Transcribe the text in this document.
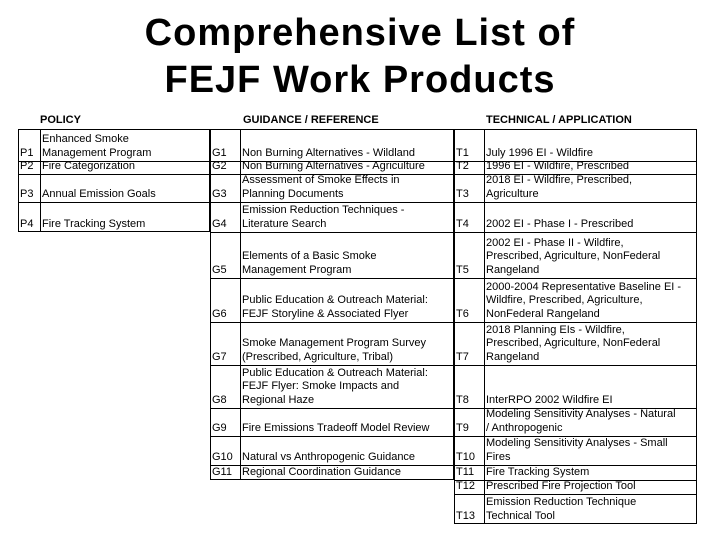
Comprehensive List of
FEJF Work Products
POLICY	GUIDANCE / REFERENCE	TECHNICAL / APPLICATION
P1
Enhanced Smoke
Management Program
P2 Fire Categorization
P3 Annual Emission Goals
P4 Fire Tracking System
G1	Non Burning Alternatives - Wildland
G2	Non Burning Alternatives - Agriculture
G3
Assessment of Smoke Effects in
Planning Documents
G4
Emission Reduction Techniques -
Literature Search
G5
Elements of a Basic Smoke
Management Program
G6
Public Education & Outreach Material:
FEJF Storyline & Associated Flyer
G7
Smoke Management Program Survey
(Prescribed, Agriculture, Tribal)
G8
Public Education & Outreach Material:
FEJF Flyer: Smoke Impacts and
Regional Haze
G9	Fire Emissions Tradeoff Model Review
G10 Natural vs Anthropogenic Guidance
G11 Regional Coordination Guidance
T1	July 1996 EI - Wildfire
T2	1996 EI - Wildfire, Prescribed
T3
2018 EI - Wildfire, Prescribed,
Agriculture
T4	2002 EI - Phase I - Prescribed
T5
2002 EI - Phase II - Wildfire,
Prescribed, Agriculture, NonFederal
Rangeland
T6
2000-2004 Representative Baseline EI -
Wildfire, Prescribed, Agriculture,
NonFederal Rangeland
T7
2018 Planning EIs - Wildfire,
Prescribed, Agriculture, NonFederal
Rangeland
T8	InterRPO 2002 Wildfire EI
T9
Modeling Sensitivity Analyses - Natural
/ Anthropogenic
T10
Modeling Sensitivity Analyses - Small
Fires
T11	Fire Tracking System
T12	Prescribed Fire Projection Tool
T13
Emission Reduction Technique
Technical Tool
